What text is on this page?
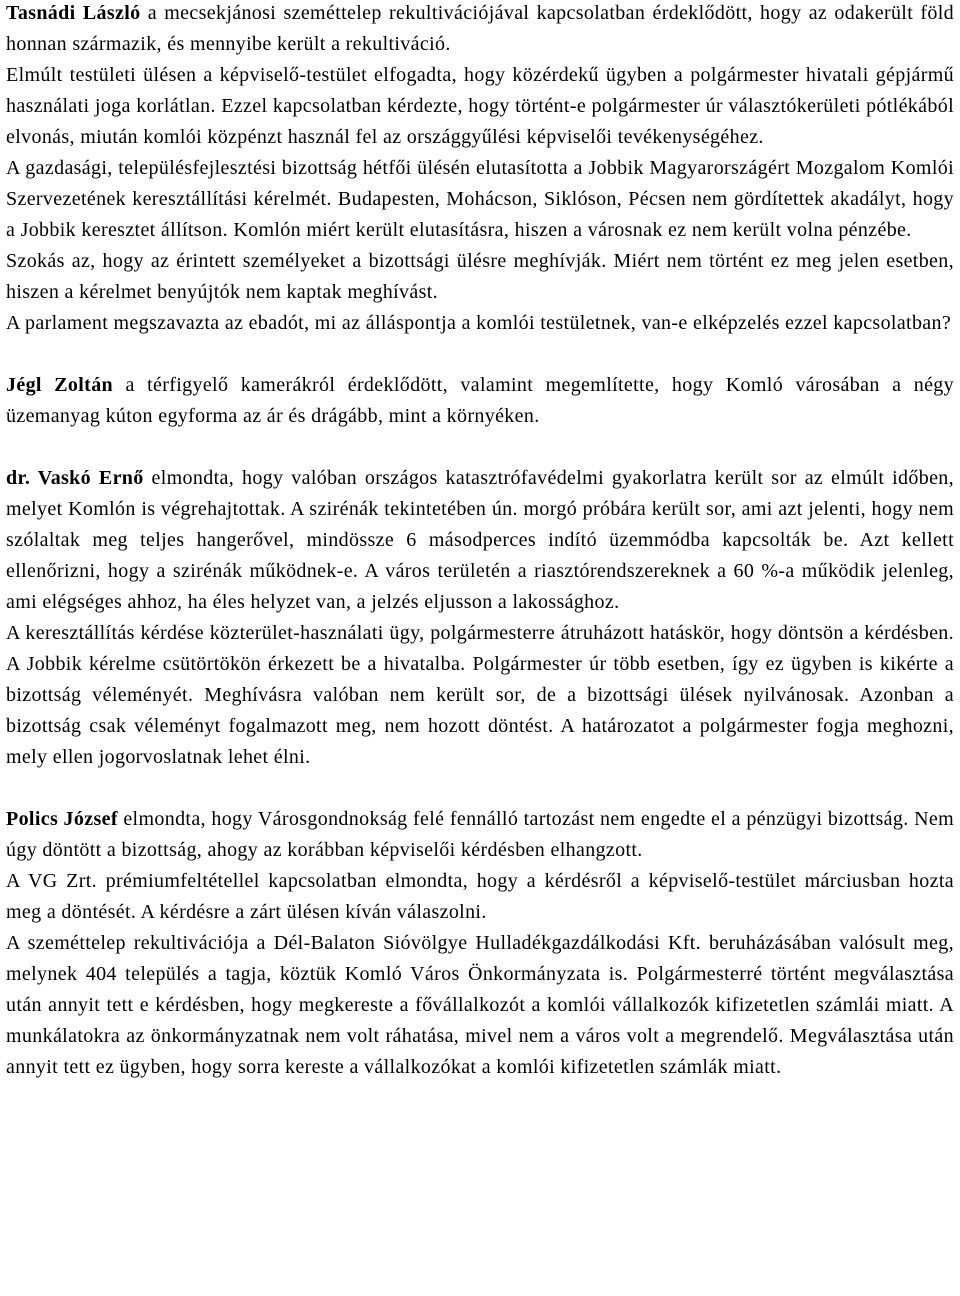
Tasnádi László a mecsekjánosi szeméttelep rekultivációjával kapcsolatban érdeklődött, hogy az odakerült föld honnan származik, és mennyibe került a rekultiváció.

Elmúlt testületi ülésen a képviselő-testület elfogadta, hogy közérdekű ügyben a polgármester hivatali gépjármű használati joga korlátlan. Ezzel kapcsolatban kérdezte, hogy történt-e polgármester úr választókerületi pótlékából elvonás, miután komlói közpénzt használ fel az országgyűlési képviselői tevékenységéhez.

A gazdasági, településfejlesztési bizottság hétfői ülésén elutasította a Jobbik Magyarországért Mozgalom Komlói Szervezetének keresztállítási kérelmét. Budapesten, Mohácson, Siklóson, Pécsen nem gördítettek akadályt, hogy a Jobbik keresztet állítson. Komlón miért került elutasításra, hiszen a városnak ez nem került volna pénzébe.

Szokás az, hogy az érintett személyeket a bizottsági ülésre meghívják. Miért nem történt ez meg jelen esetben, hiszen a kérelmet benyújtók nem kaptak meghívást.

A parlament megszavazta az ebadót, mi az álláspontja a komlói testületnek, van-e elképzelés ezzel kapcsolatban?

Jégl Zoltán a térfigyelő kamerákról érdeklődött, valamint megemlítette, hogy Komló városában a négy üzemanyag kúton egyforma az ár és drágább, mint a környéken.

dr. Vaskó Ernő elmondta, hogy valóban országos katasztrófavédelmi gyakorlatra került sor az elmúlt időben, melyet Komlón is végrehajtottak. A szirénák tekintetében ún. morgó próbára került sor, ami azt jelenti, hogy nem szólaltak meg teljes hangerővel, mindössze 6 másodperces indító üzemmódba kapcsolták be. Azt kellett ellenőrizni, hogy a szirénák működnek-e. A város területén a riasztórendszereknek a 60 %-a működik jelenleg, ami elégséges ahhoz, ha éles helyzet van, a jelzés eljusson a lakossághoz.

A keresztállítás kérdése közterület-használati ügy, polgármesterre átruházott hatáskör, hogy döntsön a kérdésben. A Jobbik kérelme csütörtökön érkezett be a hivatalba. Polgármester úr több esetben, így ez ügyben is kikérte a bizottság véleményét. Meghívásra valóban nem került sor, de a bizottsági ülések nyilvánosak. Azonban a bizottság csak véleményt fogalmazott meg, nem hozott döntést. A határozatot a polgármester fogja meghozni, mely ellen jogorvoslatnak lehet élni.

Polics József elmondta, hogy Városgondnokság felé fennálló tartozást nem engedte el a pénzügyi bizottság. Nem úgy döntött a bizottság, ahogy az korábban képviselői kérdésben elhangzott.

A VG Zrt. prémiumfeltétellel kapcsolatban elmondta, hogy a kérdésről a képviselő-testület márciusban hozta meg a döntését. A kérdésre a zárt ülésen kíván válaszolni.

A szeméttelep rekultivációja a Dél-Balaton Sióvölgye Hulladékgazdálkodási Kft. beruházásában valósult meg, melynek 404 település a tagja, köztük Komló Város Önkormányzata is. Polgármesterré történt megválasztása után annyit tett e kérdésben, hogy megkereste a fővállalkozót a komlói vállalkozók kifizetetlen számlái miatt. A munkálatokra az önkormányzatnak nem volt ráhatása, mivel nem a város volt a megrendelő. Megválasztása után annyit tett ez ügyben, hogy sorra kereste a vállalkozókat a komlói kifizetetlen számlák miatt.
